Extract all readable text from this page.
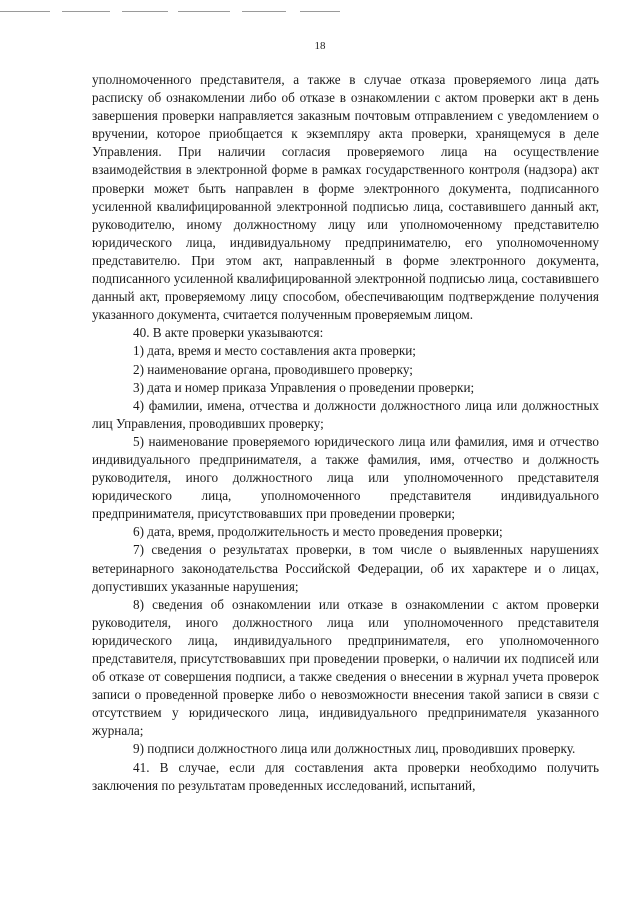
18

уполномоченного представителя, а также в случае отказа проверяемого лица дать расписку об ознакомлении либо об отказе в ознакомлении с актом проверки акт в день завершения проверки направляется заказным почтовым отправлением с уведомлением о вручении, которое приобщается к экземпляру акта проверки, хранящемуся в деле Управления. При наличии согласия проверяемого лица на осуществление взаимодействия в электронной форме в рамках государственного контроля (надзора) акт проверки может быть направлен в форме электронного документа, подписанного усиленной квалифицированной электронной подписью лица, составившего данный акт, руководителю, иному должностному лицу или уполномоченному представителю юридического лица, индивидуальному предпринимателю, его уполномоченному представителю. При этом акт, направленный в форме электронного документа, подписанного усиленной квалифицированной электронной подписью лица, составившего данный акт, проверяемому лицу способом, обеспечивающим подтверждение получения указанного документа, считается полученным проверяемым лицом.

40. В акте проверки указываются:

1) дата, время и место составления акта проверки;

2) наименование органа, проводившего проверку;

3) дата и номер приказа Управления о проведении проверки;

4) фамилии, имена, отчества и должности должностного лица или должностных лиц Управления, проводивших проверку;

5) наименование проверяемого юридического лица или фамилия, имя и отчество индивидуального предпринимателя, а также фамилия, имя, отчество и должность руководителя, иного должностного лица или уполномоченного представителя юридического лица, уполномоченного представителя индивидуального предпринимателя, присутствовавших при проведении проверки;

6) дата, время, продолжительность и место проведения проверки;

7) сведения о результатах проверки, в том числе о выявленных нарушениях ветеринарного законодательства Российской Федерации, об их характере и о лицах, допустивших указанные нарушения;

8) сведения об ознакомлении или отказе в ознакомлении с актом проверки руководителя, иного должностного лица или уполномоченного представителя юридического лица, индивидуального предпринимателя, его уполномоченного представителя, присутствовавших при проведении проверки, о наличии их подписей или об отказе от совершения подписи, а также сведения о внесении в журнал учета проверок записи о проведенной проверке либо о невозможности внесения такой записи в связи с отсутствием у юридического лица, индивидуального предпринимателя указанного журнала;

9) подписи должностного лица или должностных лиц, проводивших проверку.

41. В случае, если для составления акта проверки необходимо получить заключения по результатам проведенных исследований, испытаний,
